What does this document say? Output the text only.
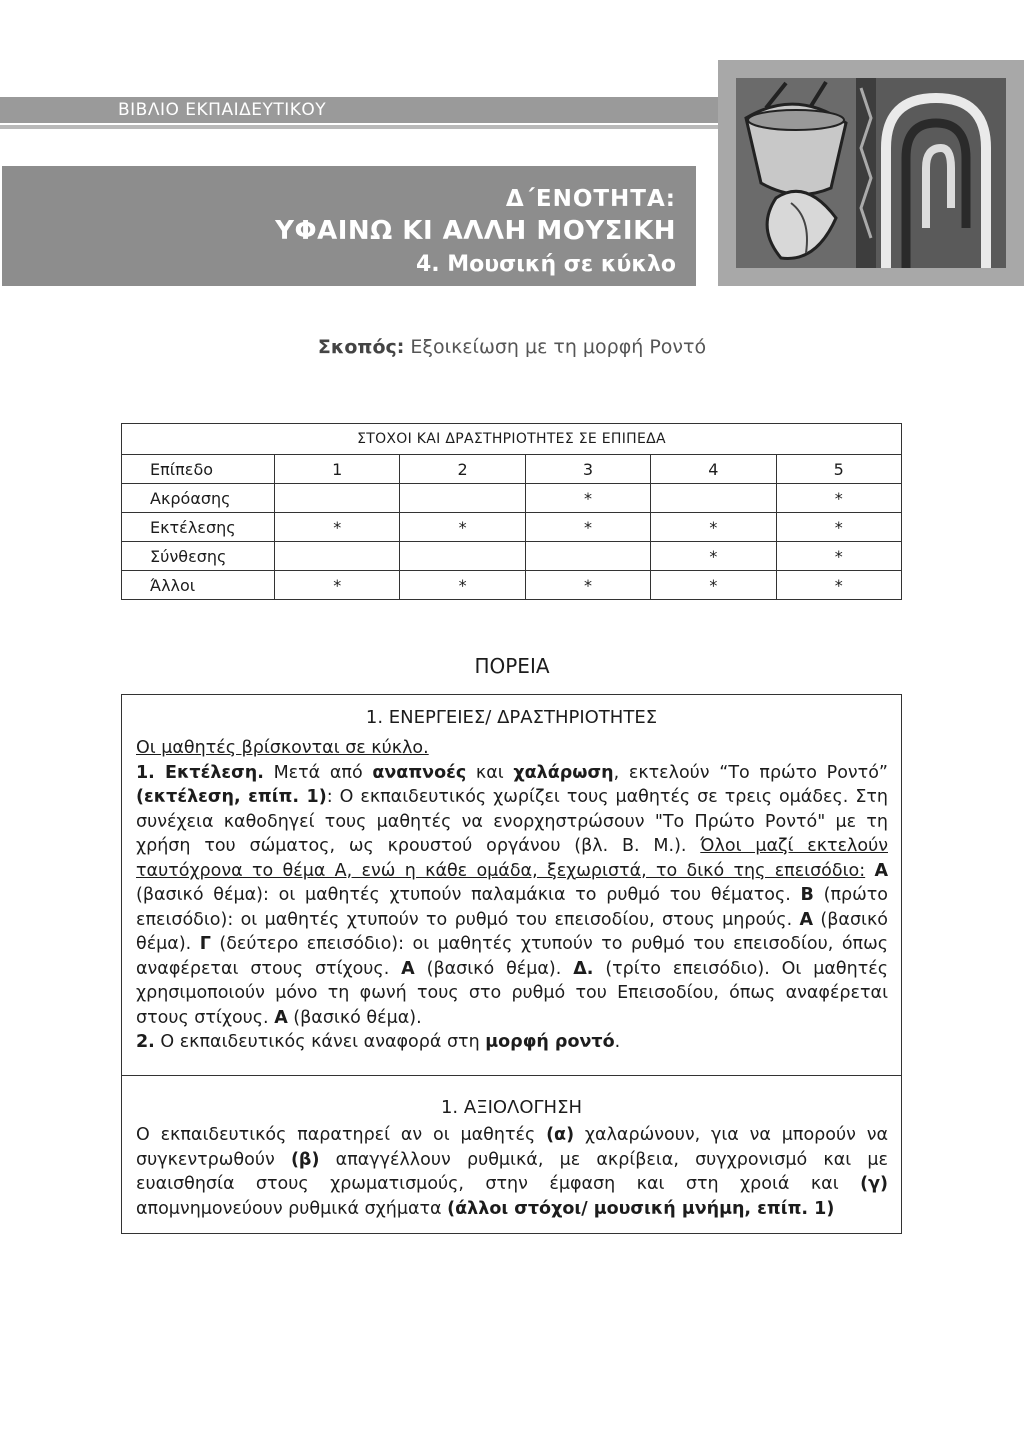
ΒΙΒΛΙΟ ΕΚΠΑΙΔΕΥΤΙΚΟΥ
Δ΄ΕΝΟΤΗΤΑ:
ΥΦΑΙΝΩ ΚΙ ΑΛΛΗ ΜΟΥΣΙΚΗ
4. Μουσική σε κύκλο
Σκοπός: Εξοικείωση με τη μορφή Ροντό
ΣΤΟΧΟΙ ΚΑΙ ΔΡΑΣΤΗΡΙΟΤΗΤΕΣ ΣΕ ΕΠΙΠΕΔΑ					
Επίπεδο	1	2	3	4	5
Ακρόασης			*		*
Εκτέλεσης	*	*	*	*	*
Σύνθεσης				*	*
Άλλοι	*	*	*	*	*
ΠΟΡΕΙΑ
1. ΕΝΕΡΓΕΙΕΣ/ ΔΡΑΣΤΗΡΙΟΤΗΤΕΣ
Οι μαθητές βρίσκονται σε κύκλο.
1. Εκτέλεση. Μετά από αναπνοές και χαλάρωση, εκτελούν “Το πρώτο Ροντό” (εκτέλεση, επίπ. 1): Ο εκπαιδευτικός χωρίζει τους μαθητές σε τρεις ομάδες. Στη συνέχεια καθοδηγεί τους μαθητές να ενορχηστρώσουν "Το Πρώτο Ροντό" με τη χρήση του σώματος, ως κρουστού οργάνου (βλ. Β. Μ.). Όλοι μαζί εκτελούν ταυτόχρονα το θέμα Α, ενώ η κάθε ομάδα, ξεχωριστά, το δικό της επεισόδιο: Α (βασικό θέμα): οι μαθητές χτυπούν παλαμάκια το ρυθμό του θέματος. Β (πρώτο επεισόδιο): οι μαθητές χτυπούν το ρυθμό του επεισοδίου, στους μηρούς. Α (βασικό θέμα). Γ (δεύτερο επεισόδιο): οι μαθητές χτυπούν το ρυθμό του επεισοδίου, όπως αναφέρεται στους στίχους. Α (βασικό θέμα). Δ. (τρίτο επεισόδιο). Οι μαθητές χρησιμοποιούν μόνο τη φωνή τους στο ρυθμό του Επεισοδίου, όπως αναφέρεται στους στίχους. Α (βασικό θέμα).
2. Ο εκπαιδευτικός κάνει αναφορά στη μορφή ροντό.
1. ΑΞΙΟΛΟΓΗΣΗ
Ο εκπαιδευτικός παρατηρεί αν οι μαθητές (α) χαλαρώνουν, για να μπορούν να συγκεντρωθούν (β) απαγγέλλουν ρυθμικά, με ακρίβεια, συγχρονισμό και με ευαισθησία στους χρωματισμούς, στην έμφαση και στη χροιά και (γ) απομνημονεύουν ρυθμικά σχήματα (άλλοι στόχοι/ μουσική μνήμη, επίπ. 1)
